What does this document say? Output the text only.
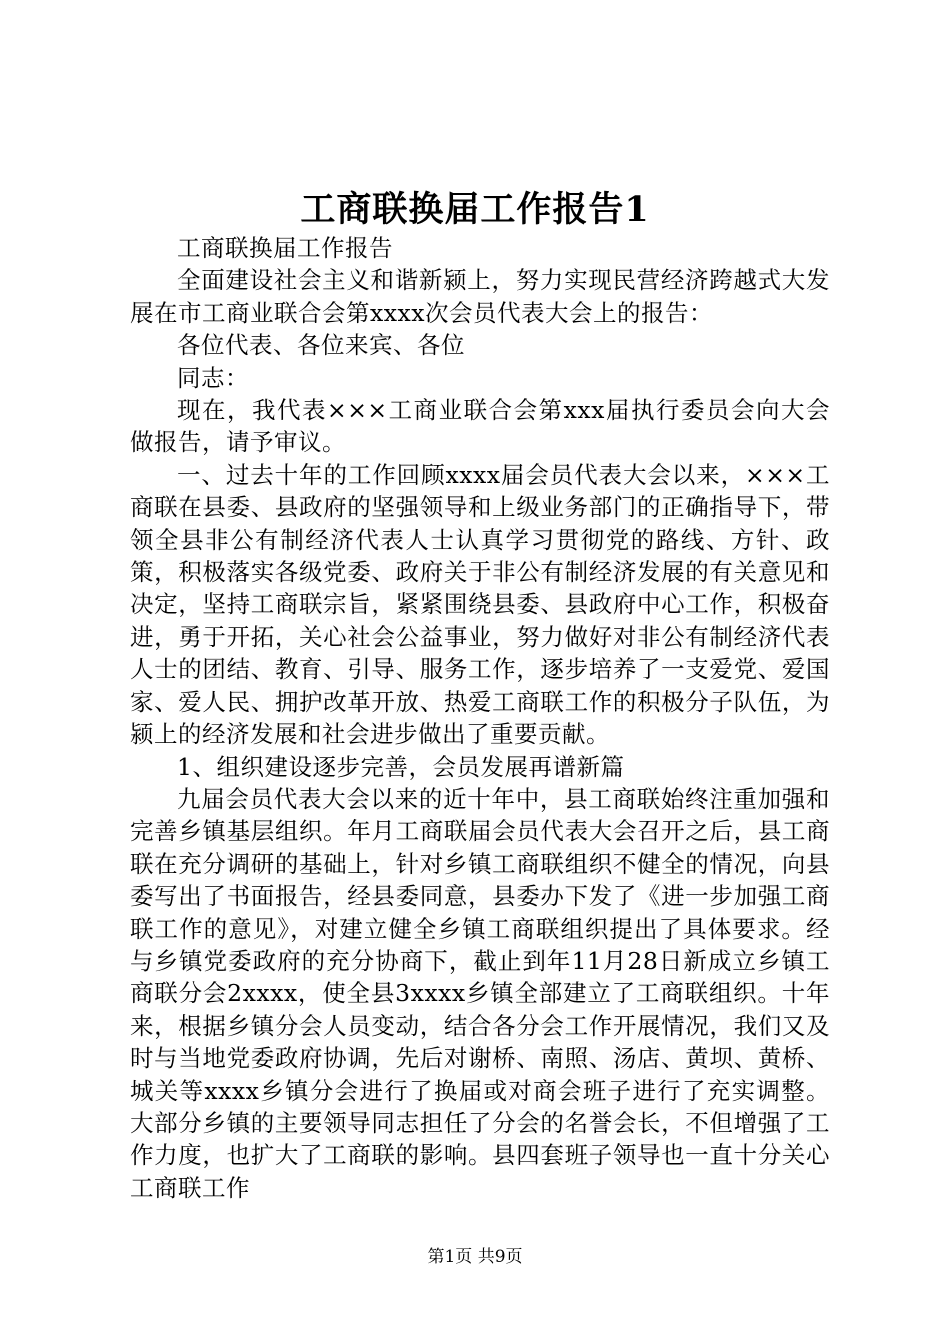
工商联换届工作报告1

工商联换届工作报告

全面建设社会主义和谐新颍上，努力实现民营经济跨越式大发展在市工商业联合会第xxxx次会员代表大会上的报告：

各位代表、各位来宾、各位

同志：

现在，我代表×××工商业联合会第xxx届执行委员会向大会做报告，请予审议。

一、过去十年的工作回顾xxxx届会员代表大会以来，×××工商联在县委、县政府的坚强领导和上级业务部门的正确指导下，带领全县非公有制经济代表人士认真学习贯彻党的路线、方针、政策，积极落实各级党委、政府关于非公有制经济发展的有关意见和决定，坚持工商联宗旨，紧紧围绕县委、县政府中心工作，积极奋进，勇于开拓，关心社会公益事业，努力做好对非公有制经济代表人士的团结、教育、引导、服务工作，逐步培养了一支爱党、爱国家、爱人民、拥护改革开放、热爱工商联工作的积极分子队伍，为颍上的经济发展和社会进步做出了重要贡献。

1、组织建设逐步完善，会员发展再谱新篇

九届会员代表大会以来的近十年中，县工商联始终注重加强和完善乡镇基层组织。年月工商联届会员代表大会召开之后，县工商联在充分调研的基础上，针对乡镇工商联组织不健全的情况，向县委写出了书面报告，经县委同意，县委办下发了《进一步加强工商联工作的意见》，对建立健全乡镇工商联组织提出了具体要求。经与乡镇党委政府的充分协商下，截止到年11月28日新成立乡镇工商联分会2xxxx，使全县3xxxx乡镇全部建立了工商联组织。十年来，根据乡镇分会人员变动，结合各分会工作开展情况，我们又及时与当地党委政府协调，先后对谢桥、南照、汤店、黄坝、黄桥、城关等xxxx乡镇分会进行了换届或对商会班子进行了充实调整。大部分乡镇的主要领导同志担任了分会的名誉会长，不但增强了工作力度，也扩大了工商联的影响。县四套班子领导也一直十分关心工商联工作

第1页 共9页
